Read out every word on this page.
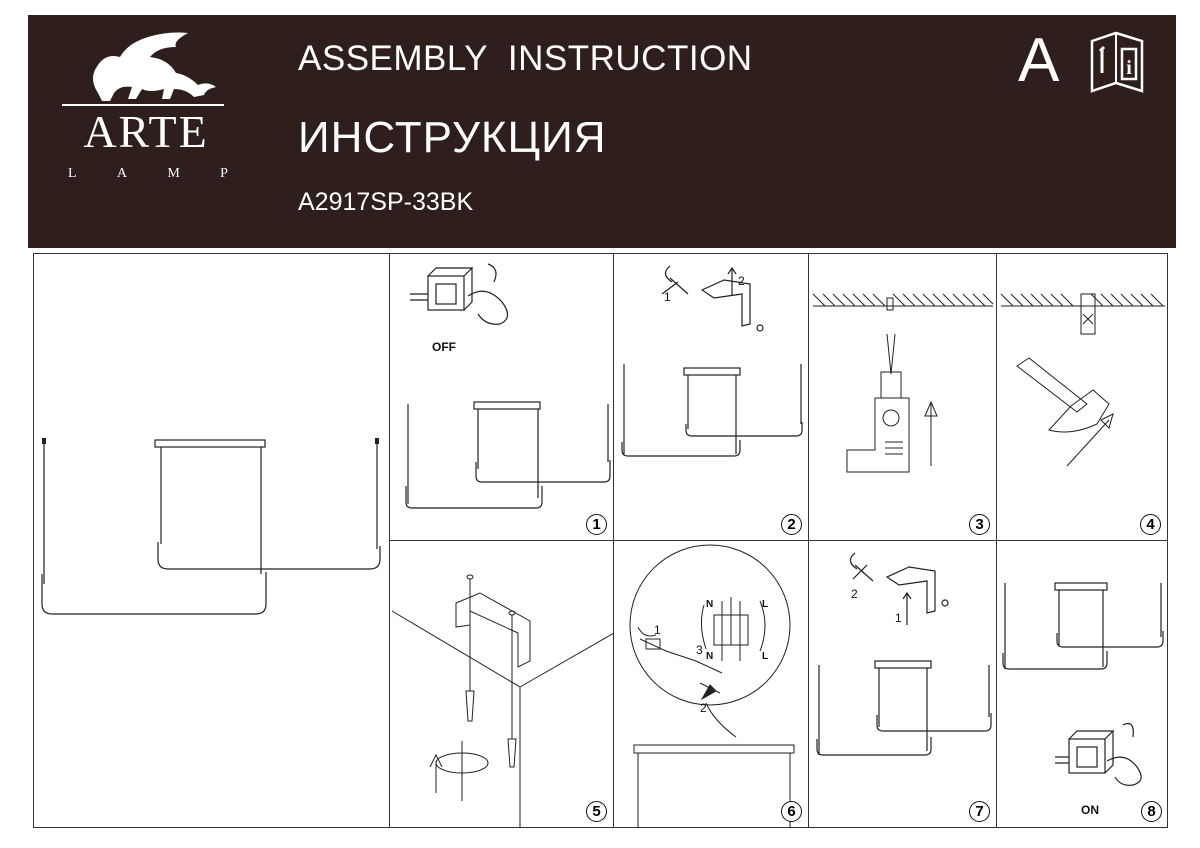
ARTE
L	A	M	P
ASSEMBLY  INSTRUCTION
ИНСТРУКЦИЯ
A2917SP-33BK
A	i
OFF
1
1
2
2	3	4
5
1
2
3
N	L
N	L
6
2
1
7	ON	8
